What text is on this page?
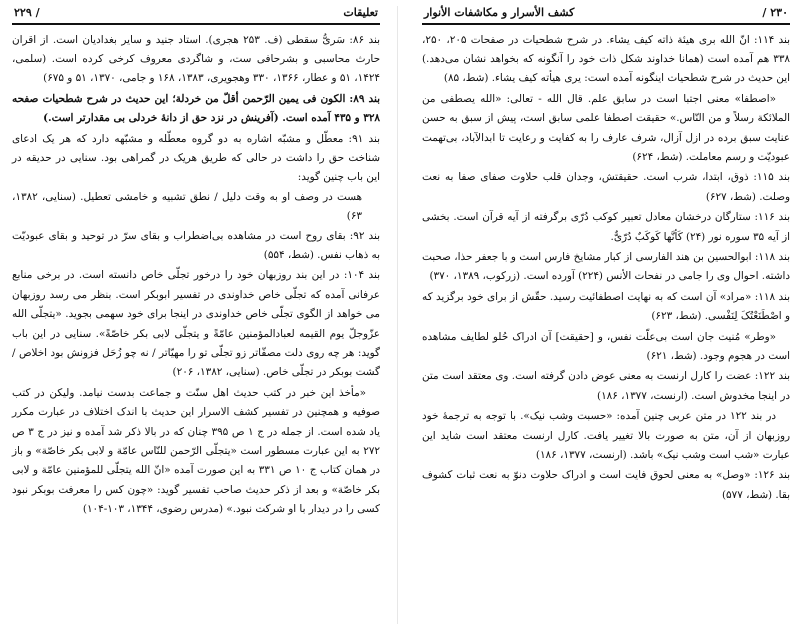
تعلیقات
/ ۲۲۹

بند ۸۶: سَریُّ سقطی (ف. ۲۵۳ هجری). استاد جنید و سایر بغدادیان است. از اقران حارث محاسبی و بشرحافی ست، و شاگردی معروف کرخی کرده است. (سلمی، ۱۴۲۴، ۵۱ و عطار، ۱۳۶۶، ۳۳۰ وهجویری، ۱۳۸۳، ۱۶۸ و جامی، ۱۳۷۰، ۵۱ و ۶۷۵)

بند ۸۹: الکون فی یمین الرّحمن أقلّ من خردلة؛ این حدیث در شرح شطحیات صفحه ۳۲۸ و ۴۳۵ آمده است. (آفرینش در نزد حق از دانهٔ خردلی بی مقدارتر است.)

بند ۹۱: معطّل و مشبّه اشاره به دو گروه معطّله و مشبّهه دارد که هر یک ادعای شناخت حق را داشت در حالی که طریق هریک در گمراهی بود. سنایی در حدیقه در این باب چنین گوید:

هست در وصف او به وقت دلیل / نطق تشبیه و خامشی تعطیل. (سنایی، ۱۳۸۲، ۶۳)

بند ۹۲: بقای روح است در مشاهده بی‌اضطراب و بقای سرّ در توحید و بقای عبودیّت به ذهاب نفس. (شط، ۵۵۴)

بند ۱۰۴: در این بند روزبهان خود را درخور تجلّی خاص دانسته است. در برخی منابع عرفانی آمده که تجلّی خاص خداوندی در تفسیر ابوبکر است. بنظر می رسد روزبهان می خواهد از الگوی تجلّی خاص خداوندی در اینجا برای خود سهمی بجوید. «یتجلّی الله عزّوجلّ یوم القیمه لعبادالمؤمنین عامّةً و یتجلّی لابی بکر خاصّةً». سنایی در این باب گوید: هر چه روی دلت مصفّاتر زو تجلّی تو را مهیّاتر / نه چو زُحَل فزونش بود اخلاص / گشت بوبکر در تجلّی خاص. (سنایی، ۱۳۸۲، ۲۰۶)

«مأخذ این خبر در کتب حدیث اهل سنّت و جماعت بدست نیامد. ولیکن در کتب صوفیه و همچنین در تفسیر کشف الاسرار این حدیث با اندک اختلاف در عبارت مکرر یاد شده است. از جمله در ج ۱ ص ۳۹۵ چنان که در بالا ذکر شد آمده و نیز در ج ۳ ص ۲۷۲ به این عبارت مسطور است «یتجلّی الرّحمن للنّاس عامّة و لابی بکر خاصّة» و باز در همان کتاب ج ۱۰ ص ۳۳۱ به این صورت آمده «انّ الله یتجلّی للمؤمنین عامّة و لابی بکر خاصّة» و بعد از ذکر حدیث صاحب تفسیر گوید: «چون کس را معرفت بوبکر نبود کسی را در دیدار با او شرکت نبود.» (مدرس رضوی، ۱۳۴۴، ۱۰۳-۱۰۴)

۲۳۰ /
کشف الأسرار و مکاشفات الأنوار

بند ۱۱۴: انّ الله بری هیئة ذاته کیف یشاء. در شرح شطحیات در صفحات ۲۰۵، ۲۵۰، ۳۳۸ هم آمده است (همانا خداوند شکل ذات خود را آنگونه که بخواهد نشان می‌دهد.) این حدیث در شرح شطحیات اینگونه آمده است: یری هیأته کیف یشاء. (شط، ۸۵)

«اصطفا» معنی اجتبا است در سابق علم. قال الله - تعالی: «الله یصطفی من الملائکة رسلاً و من النّاس.» حقیقت اصطفا علمی سابق است، پیش از سبق به حسن عنایت سبق برده در ازل آزال، شرف عارف را به کفایت و رعایت تا ابدالآباد، بی‌تهمت عبودیّت و رسم معاملت. (شط، ۶۲۴)

بند ۱۱۵: ذوق، ابتدا، شرب است. حقیقتش، وجدان قلب حلاوت صفای صفا به نعت وصلت. (شط، ۶۲۷)

بند ۱۱۶: ستارگان درخشان معادل تعبیر کوکب دُرّی برگرفته از آیه قرآن است. بخشی از آیه ۳۵ سوره نور (۲۴) کَأنَّها کَوکَبٌ دُرّیٌّ.

بند ۱۱۸: ابوالحسین بن هند الفارسی از کبار مشایخ فارس است و با جعفر حذا، صحبت داشته. احوال وی را جامی در نفحات الأنس (۲۲۴) آورده است. (زرکوب، ۱۳۸۹، ۳۷۰)

بند ۱۱۸: «مراد» آن است که به نهایت اصطفائیت رسید. حقّش از برای خود برگزید که و اصْطَنَعْتُکَ لِنَفْسی. (شط، ۶۲۳)

«وطر» مُنیت جان است بی‌علّت نفس، و [حقیقت] آن ادراک حُلو لطایف مشاهده است در هجوم وجود. (شط، ۶۲۱)

بند ۱۲۲: عضت را کارل ارنست به معنی عوض دادن گرفته است. وی معتقد است متن در اینجا مخدوش است. (ارنست، ۱۳۷۷، ۱۸۶)

در بند ۱۲۲ در متن عربی چنین آمده: «حسبت وشب نیک». با توجه به ترجمهٔ خود روزبهان از آن، متن به صورت بالا تغییر یافت. کارل ارنست معتقد است شاید این عبارت «شب است وشب نیک» باشد. (ارنست، ۱۳۷۷، ۱۸۶)

بند ۱۲۶: «وصل» به معنی لحوق فایت است و ادراک حلاوت دنوّ به نعت ثبات کشوف بقا. (شط، ۵۷۷)
